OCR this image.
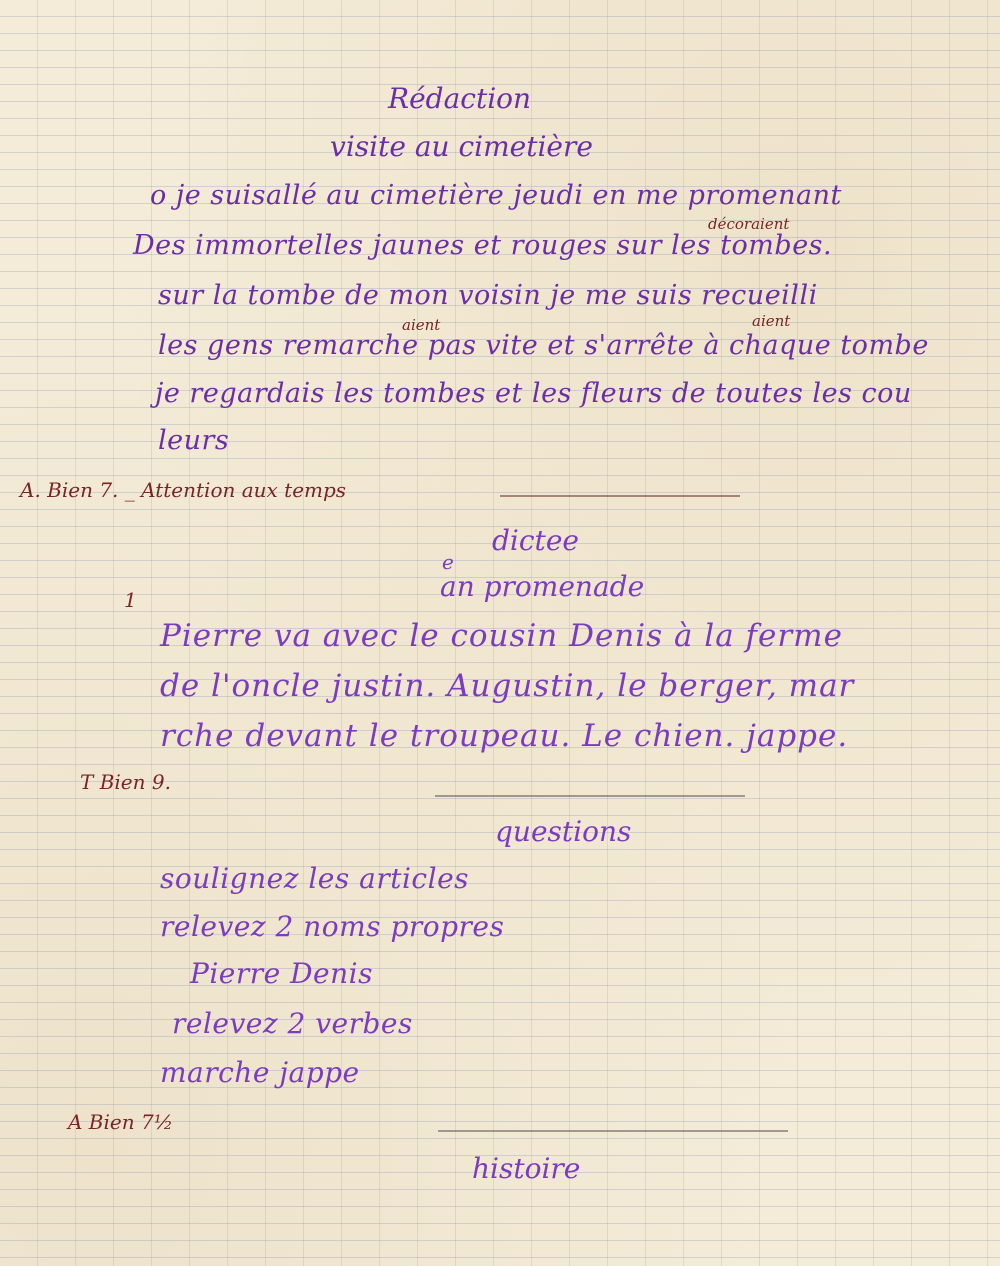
Rédaction
visite au cimetière
o je suisallé au cimetière jeudi en me promenant
décoraient
Des immortelles jaunes et rouges sur les tombes.
sur la tombe de mon voisin je me suis recueilli
aient	aient
les gens remarche pas vite et s'arrête à chaque tombe
je regardais les tombes et les fleurs de toutes les cou
leurs
A. Bien 7. _ Attention aux temps
dictee
e
an promenade
1
Pierre va avec le cousin Denis à la ferme
de l'oncle justin. Augustin, le berger, mar
rche devant le troupeau. Le chien. jappe.
T Bien 9.
questions
soulignez les articles
relevez 2 noms propres
Pierre Denis
relevez 2 verbes
marche jappe
A Bien 7½
histoire
